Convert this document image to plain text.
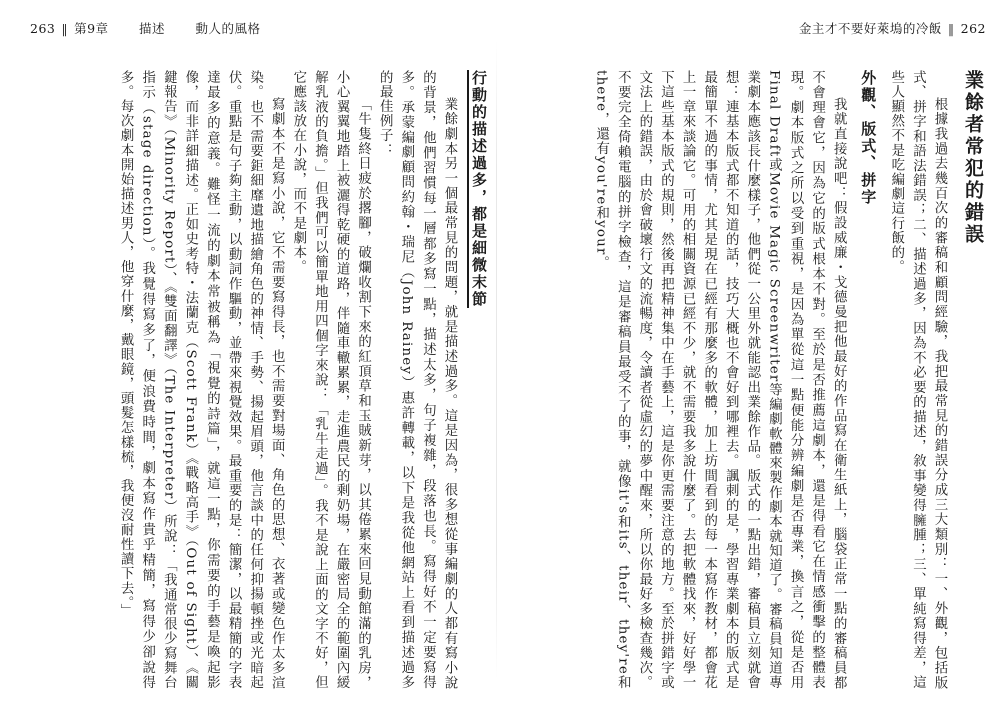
263 ‖ 第9章 描述 動人的風格

行動的描述過多，都是細微末節

業餘劇本另一個最常見的問題，就是描述過多。這是因為，很多想從事編劇的人都有寫小說的背景，他們習慣每一層都多寫一點，描述太多，句子複雜，段落也長。寫得好不一定要寫得多。承蒙編劇顧問約翰・瑞尼（John Rainey）惠許轉載，以下是我從他網站上看到描述過多的最佳例子：

「牛隻終日疲於撂腳，破爛收割下來的紅頂草和玉賊新芽，以其倦累來回見動館滿的乳房，小心翼翼地踏上被灑得乾硬的道路，伴隨車轍累累，走進農民的剩奶場，在嚴密局全的範圍內緩解乳液的負擔。」但我們可以簡單地用四個字來說：「乳牛走過」。我不是說上面的文字不好，但它應該放在小說，而不是劇本。

寫劇本不是寫小說，它不需要寫得長，也不需要對場面、角色的思想、衣著或變色作太多渲染。也不需要鉅細靡遺地描繪角色的神情、手勢、揚起眉頭，他言談中的任何抑揚頓挫或光暗起伏。重點是句子夠主動，以動詞作驅動，並帶來視覺效果。最重要的是：簡潔，以最精簡的字表達最多的意義。難怪一流的劇本常被稱為「視覺的詩篇」，就這一點，你需要的手藝是喚起影像，而非詳細描述。正如史考特・法蘭克（Scott Frank）《戰略高手》（Out of Sight）、《關鍵報告》（Minority Report）、《雙面翻譯》（The Interpreter）所說：「我通常很少寫舞台指示（stage direction）。我覺得寫多了，便浪費時間，劇本寫作貴乎精簡，寫得少卻說得多。每次劇本開始描述男人，他穿什麼，戴眼鏡，頭髮怎樣梳，我便沒耐性讀下去。」

金主才不要好萊塢的冷飯 ‖ 262

業餘者常犯的錯誤

根據我過去幾百次的審稿和顧問經驗，我把最常見的錯誤分成三大類別：一、外觀，包括版式、拼字和語法錯誤；二、描述過多，因為不必要的描述，敘事變得臃腫；三、單純寫得差，這些人顯然不是吃編劇這行飯的。

外觀、版式、拼字

我就直接說吧：假設威廉・戈德曼把他最好的作品寫在衛生紙上，腦袋正常一點的審稿員都不會理會它，因為它的版式根本不對。至於是否推薦這劇本，還是得看它在情感衝擊的整體表現。劇本版式之所以受到重視，是因為單從這一點便能分辨編劇是否專業，換言之，從是否用Final Draft或Movie Magic Screenwriter等編劇軟體來製作劇本就知道了。審稿員知道專業劇本應該長什麼樣子，他們從一公里外就能認出業餘作品。版式的一點出錯，審稿員立刻就會想：連基本版式都不知道的話，技巧大概也不會好到哪裡去。諷刺的是，學習專業劇本的版式是最簡單不過的事情，尤其是現在已經有那麼多的軟體，加上坊間看到的每一本寫作教材，都會花上一章來談論它。可用的相關資源已經不少，就不需要我多說什麼了。去把軟體找來，好好學一下這些基本版式的規則，然後再把精神集中在手藝上，這是你更需要注意的地方。至於拼錯字或文法上的錯誤，由於會破壞行文的流暢度，令讀者從虛幻的夢中醒來，所以你最好多檢查幾次。不要完全倚賴電腦的拼字檢查，這是審稿員最受不了的事，就像it's和its、their、they're和there，還有you're和your。
